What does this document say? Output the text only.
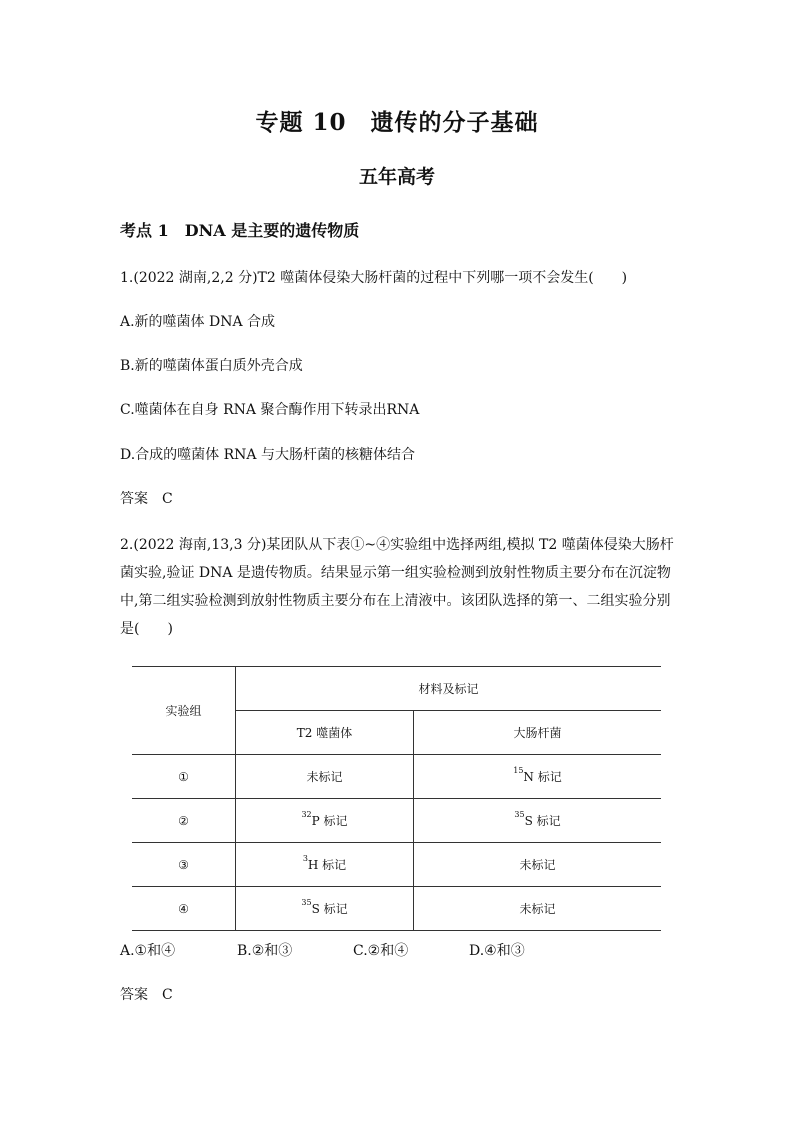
专题 10　遗传的分子基础
五年高考
考点 1　DNA 是主要的遗传物质
1.(2022 湖南,2,2 分)T2 噬菌体侵染大肠杆菌的过程中下列哪一项不会发生(　　)
A.新的噬菌体 DNA 合成
B.新的噬菌体蛋白质外壳合成
C.噬菌体在自身 RNA 聚合酶作用下转录出RNA
D.合成的噬菌体 RNA 与大肠杆菌的核糖体结合
答案　C
2.(2022 海南,13,3 分)某团队从下表①~④实验组中选择两组,模拟 T2 噬菌体侵染大肠杆菌实验,验证 DNA 是遗传物质。结果显示第一组实验检测到放射性物质主要分布在沉淀物中,第二组实验检测到放射性物质主要分布在上清液中。该团队选择的第一、二组实验分别是(　　)
实验组	材料及标记	
	T2 噬菌体	大肠杆菌
①	未标记	$^{15}$N 标记
②	$^{32}$P 标记	$^{35}$S 标记
③	$^3$H 标记	未标记
④	$^{35}$S 标记	未标记
A.①和④	B.②和③	C.②和④	D.④和③
答案　C
